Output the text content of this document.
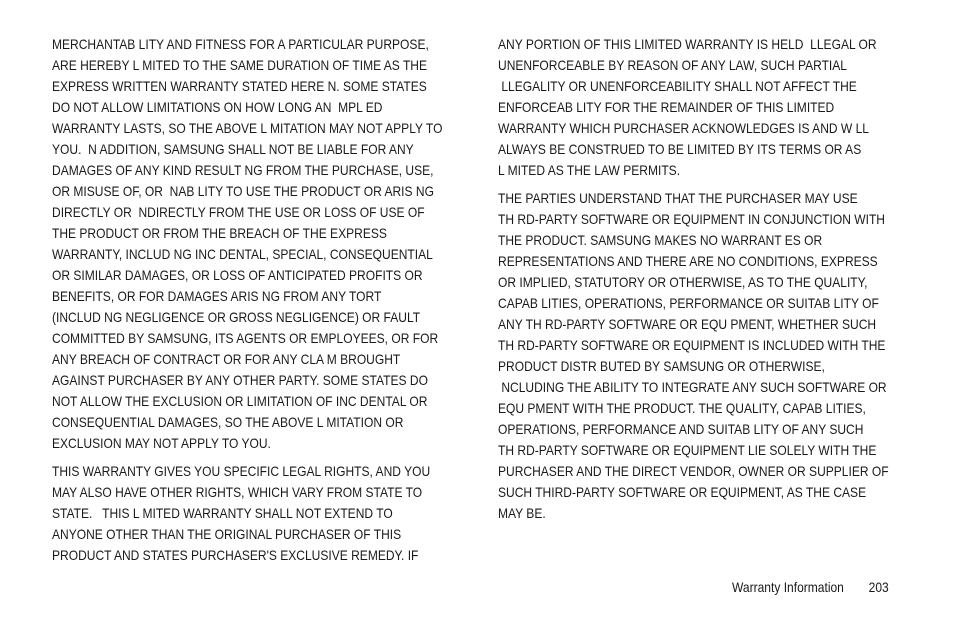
MERCHANTAB LITY AND FITNESS FOR A PARTICULAR PURPOSE,
ARE HEREBY L MITED TO THE SAME DURATION OF TIME AS THE
EXPRESS WRITTEN WARRANTY STATED HERE N. SOME STATES
DO NOT ALLOW LIMITATIONS ON HOW LONG AN  MPL ED
WARRANTY LASTS, SO THE ABOVE L MITATION MAY NOT APPLY TO
YOU.  N ADDITION, SAMSUNG SHALL NOT BE LIABLE FOR ANY
DAMAGES OF ANY KIND RESULT NG FROM THE PURCHASE, USE,
OR MISUSE OF, OR  NAB LITY TO USE THE PRODUCT OR ARIS NG
DIRECTLY OR  NDIRECTLY FROM THE USE OR LOSS OF USE OF
THE PRODUCT OR FROM THE BREACH OF THE EXPRESS
WARRANTY, INCLUD NG INC DENTAL, SPECIAL, CONSEQUENTIAL
OR SIMILAR DAMAGES, OR LOSS OF ANTICIPATED PROFITS OR
BENEFITS, OR FOR DAMAGES ARIS NG FROM ANY TORT
(INCLUD NG NEGLIGENCE OR GROSS NEGLIGENCE) OR FAULT
COMMITTED BY SAMSUNG, ITS AGENTS OR EMPLOYEES, OR FOR
ANY BREACH OF CONTRACT OR FOR ANY CLA M BROUGHT
AGAINST PURCHASER BY ANY OTHER PARTY. SOME STATES DO
NOT ALLOW THE EXCLUSION OR LIMITATION OF INC DENTAL OR
CONSEQUENTIAL DAMAGES, SO THE ABOVE L MITATION OR
EXCLUSION MAY NOT APPLY TO YOU.

THIS WARRANTY GIVES YOU SPECIFIC LEGAL RIGHTS, AND YOU
MAY ALSO HAVE OTHER RIGHTS, WHICH VARY FROM STATE TO
STATE.   THIS L MITED WARRANTY SHALL NOT EXTEND TO
ANYONE OTHER THAN THE ORIGINAL PURCHASER OF THIS
PRODUCT AND STATES PURCHASER'S EXCLUSIVE REMEDY. IF

ANY PORTION OF THIS LIMITED WARRANTY IS HELD  LLEGAL OR
UNENFORCEABLE BY REASON OF ANY LAW, SUCH PARTIAL
LLEGALITY OR UNENFORCEABILITY SHALL NOT AFFECT THE
ENFORCEAB LITY FOR THE REMAINDER OF THIS LIMITED
WARRANTY WHICH PURCHASER ACKNOWLEDGES IS AND W LL
ALWAYS BE CONSTRUED TO BE LIMITED BY ITS TERMS OR AS
L MITED AS THE LAW PERMITS.

THE PARTIES UNDERSTAND THAT THE PURCHASER MAY USE
TH RD-PARTY SOFTWARE OR EQUIPMENT IN CONJUNCTION WITH
THE PRODUCT. SAMSUNG MAKES NO WARRANT ES OR
REPRESENTATIONS AND THERE ARE NO CONDITIONS, EXPRESS
OR IMPLIED, STATUTORY OR OTHERWISE, AS TO THE QUALITY,
CAPAB LITIES, OPERATIONS, PERFORMANCE OR SUITAB LITY OF
ANY TH RD-PARTY SOFTWARE OR EQU PMENT, WHETHER SUCH
TH RD-PARTY SOFTWARE OR EQUIPMENT IS INCLUDED WITH THE
PRODUCT DISTR BUTED BY SAMSUNG OR OTHERWISE,
NCLUDING THE ABILITY TO INTEGRATE ANY SUCH SOFTWARE OR
EQU PMENT WITH THE PRODUCT. THE QUALITY, CAPAB LITIES,
OPERATIONS, PERFORMANCE AND SUITAB LITY OF ANY SUCH
TH RD-PARTY SOFTWARE OR EQUIPMENT LIE SOLELY WITH THE
PURCHASER AND THE DIRECT VENDOR, OWNER OR SUPPLIER OF
SUCH THIRD-PARTY SOFTWARE OR EQUIPMENT, AS THE CASE
MAY BE.

Warranty Information 203
